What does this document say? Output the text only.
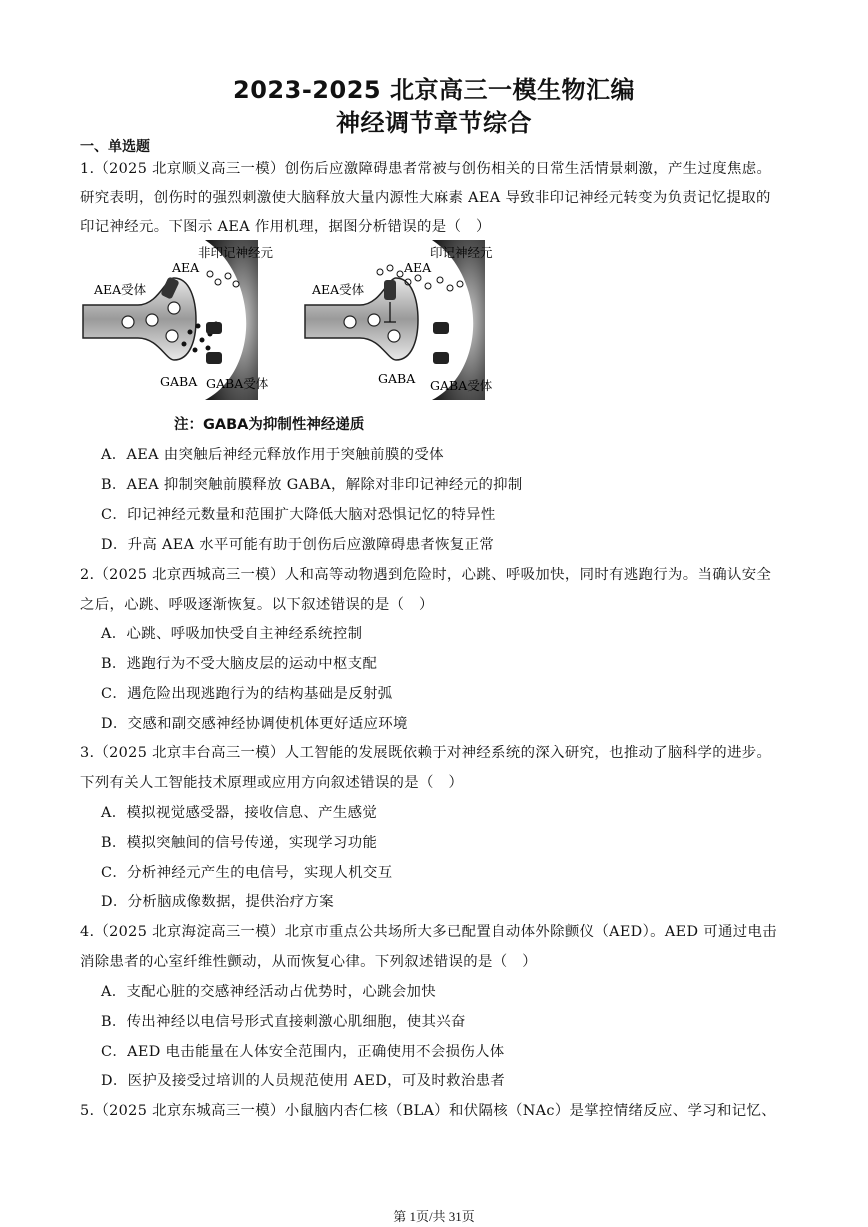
2023-2025 北京高三一模生物汇编
神经调节章节综合
一、单选题
1.（2025 北京顺义高三一模）创伤后应激障碍患者常被与创伤相关的日常生活情景刺激，产生过度焦虑。
研究表明，创伤时的强烈刺激使大脑释放大量内源性大麻素 AEA 导致非印记神经元转变为负责记忆提取的
印记神经元。下图示 AEA 作用机理，据图分析错误的是（　）
非印记神经元
AEA
AEA受体
GABA GABA受体
印记神经元
AEA
AEA受体
GABA GABA受体
注：GABA为抑制性神经递质
A．AEA 由突触后神经元释放作用于突触前膜的受体
B．AEA 抑制突触前膜释放 GABA，解除对非印记神经元的抑制
C．印记神经元数量和范围扩大降低大脑对恐惧记忆的特异性
D．升高 AEA 水平可能有助于创伤后应激障碍患者恢复正常
2.（2025 北京西城高三一模）人和高等动物遇到危险时，心跳、呼吸加快，同时有逃跑行为。当确认安全
之后，心跳、呼吸逐渐恢复。以下叙述错误的是（　）
A．心跳、呼吸加快受自主神经系统控制
B．逃跑行为不受大脑皮层的运动中枢支配
C．遇危险出现逃跑行为的结构基础是反射弧
D．交感和副交感神经协调使机体更好适应环境
3.（2025 北京丰台高三一模）人工智能的发展既依赖于对神经系统的深入研究，也推动了脑科学的进步。
下列有关人工智能技术原理或应用方向叙述错误的是（　）
A．模拟视觉感受器，接收信息、产生感觉
B．模拟突触间的信号传递，实现学习功能
C．分析神经元产生的电信号，实现人机交互
D．分析脑成像数据，提供治疗方案
4.（2025 北京海淀高三一模）北京市重点公共场所大多已配置自动体外除颤仪（AED）。AED 可通过电击
消除患者的心室纤维性颤动，从而恢复心律。下列叙述错误的是（　）
A．支配心脏的交感神经活动占优势时，心跳会加快
B．传出神经以电信号形式直接刺激心肌细胞，使其兴奋
C．AED 电击能量在人体安全范围内，正确使用不会损伤人体
D．医护及接受过培训的人员规范使用 AED，可及时救治患者
5.（2025 北京东城高三一模）小鼠脑内杏仁核（BLA）和伏隔核（NAc）是掌控情绪反应、学习和记忆、
第 1页/共 31页
